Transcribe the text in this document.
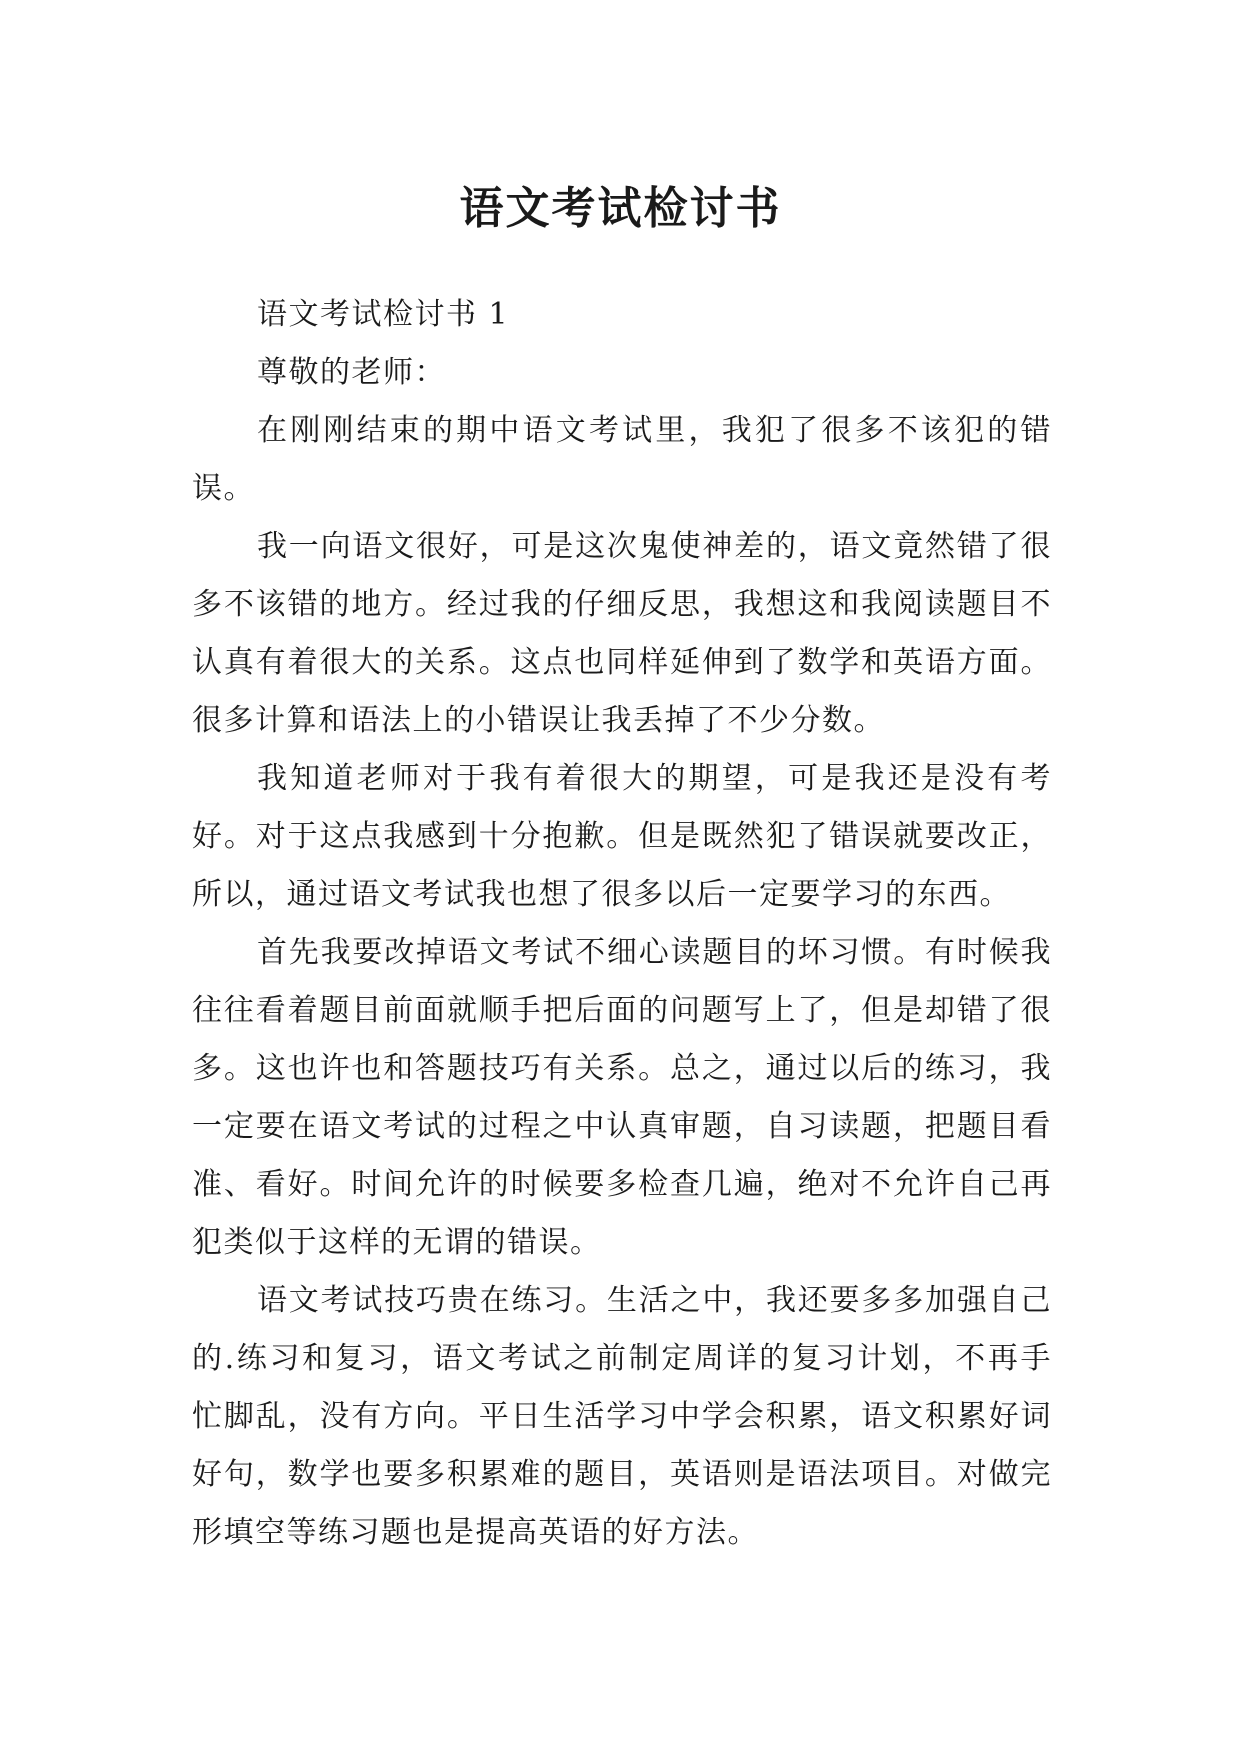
语文考试检讨书

语文考试检讨书 1

尊敬的老师：

在刚刚结束的期中语文考试里，我犯了很多不该犯的错误。

我一向语文很好，可是这次鬼使神差的，语文竟然错了很多不该错的地方。经过我的仔细反思，我想这和我阅读题目不认真有着很大的关系。这点也同样延伸到了数学和英语方面。很多计算和语法上的小错误让我丢掉了不少分数。

我知道老师对于我有着很大的期望，可是我还是没有考好。对于这点我感到十分抱歉。但是既然犯了错误就要改正，所以，通过语文考试我也想了很多以后一定要学习的东西。

首先我要改掉语文考试不细心读题目的坏习惯。有时候我往往看着题目前面就顺手把后面的问题写上了，但是却错了很多。这也许也和答题技巧有关系。总之，通过以后的练习，我一定要在语文考试的过程之中认真审题，自习读题，把题目看准、看好。时间允许的时候要多检查几遍，绝对不允许自己再犯类似于这样的无谓的错误。

语文考试技巧贵在练习。生活之中，我还要多多加强自己的.练习和复习，语文考试之前制定周详的复习计划，不再手忙脚乱，没有方向。平日生活学习中学会积累，语文积累好词好句，数学也要多积累难的题目，英语则是语法项目。对做完形填空等练习题也是提高英语的好方法。
